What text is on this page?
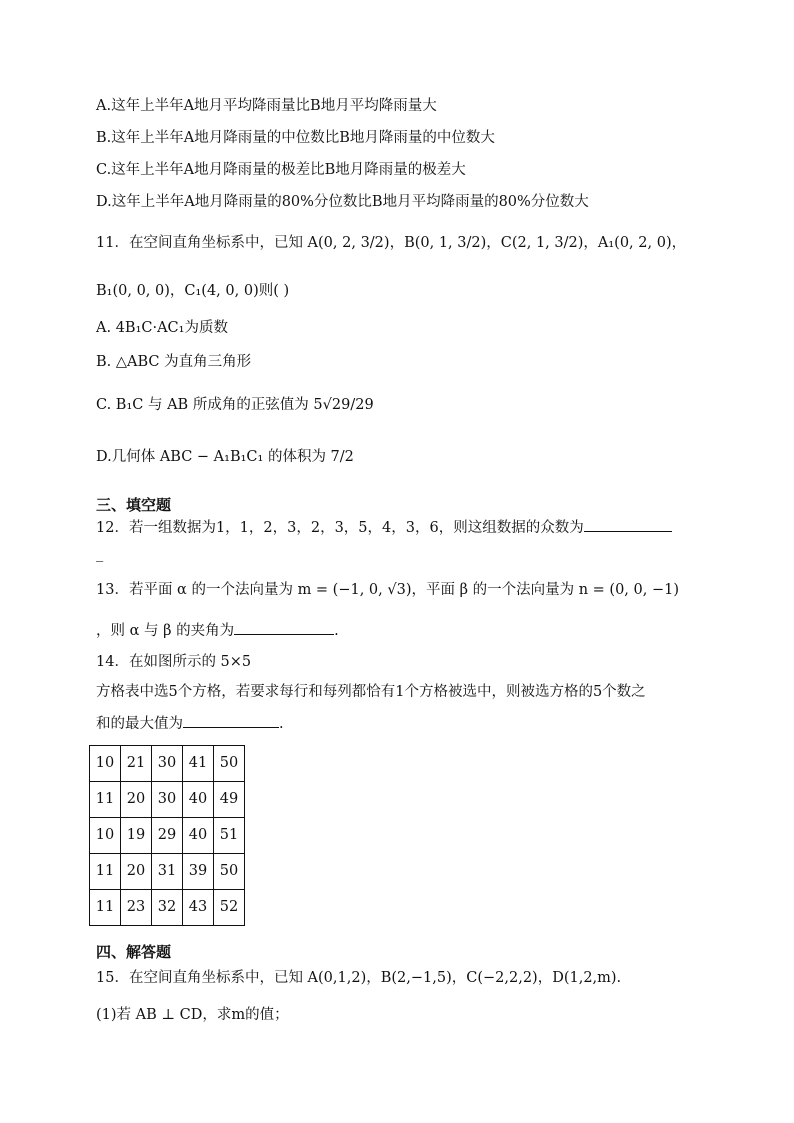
A.这年上半年A地月平均降雨量比B地月平均降雨量大
B.这年上半年A地月降雨量的中位数比B地月降雨量的中位数大
C.这年上半年A地月降雨量的极差比B地月降雨量的极差大
D.这年上半年A地月降雨量的80%分位数比B地月平均降雨量的80%分位数大
11．在空间直角坐标系中，已知 A(0, 2, 3/2)，B(0, 1, 3/2)，C(2, 1, 3/2)，A₁(0, 2, 0)，
B₁(0, 0, 0)，C₁(4, 0, 0)则( )
A. 4B₁C·AC₁为质数
B. △ABC 为直角三角形
C. B₁C 与 AB 所成角的正弦值为 5√29/29
D.几何体 ABC − A₁B₁C₁ 的体积为 7/2
三、填空题
12．若一组数据为1，1，2，3，2，3，5，4，3，6，则这组数据的众数为
_
13．若平面 α 的一个法向量为 m = (−1, 0, √3)，平面 β 的一个法向量为 n = (0, 0, −1)
，则 α 与 β 的夹角为	.
14．在如图所示的 5×5
方格表中选5个方格，若要求每行和每列都恰有1个方格被选中，则被选方格的5个数之
和的最大值为	.
10	21	30	41	50
11	20	30	40	49
10	19	29	40	51
11	20	31	39	50
11	23	32	43	52
四、解答题
15．在空间直角坐标系中，已知 A(0,1,2)，B(2,−1,5)，C(−2,2,2)，D(1,2,m).
(1)若 AB ⊥ CD，求m的值；
